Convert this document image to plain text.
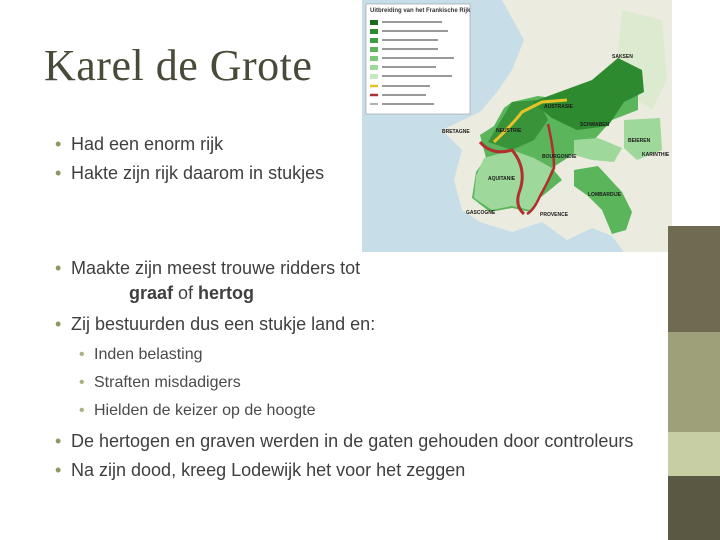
Karel de Grote
• Had een enorm rijk
• Hakte zijn rijk daarom in stukjes
Uitbreiding van het Frankische Rijk
SAKSEN
AUSTRASIE
NEUSTRIE
SCHWABEN
BOURGONDIE
AQUITANIE
BEIEREN
KARINTHIE
LOMBARDIJE
GASCOGNE	PROVENCE
BRETAGNE
• Maakte zijn meest trouwe ridders tot
graaf of hertog
• Zij bestuurden dus een stukje land en:
• Inden belasting
• Straften misdadigers
• Hielden de keizer op de hoogte
• De hertogen en graven werden in de gaten gehouden door controleurs
• Na zijn dood, kreeg Lodewijk het voor het zeggen
